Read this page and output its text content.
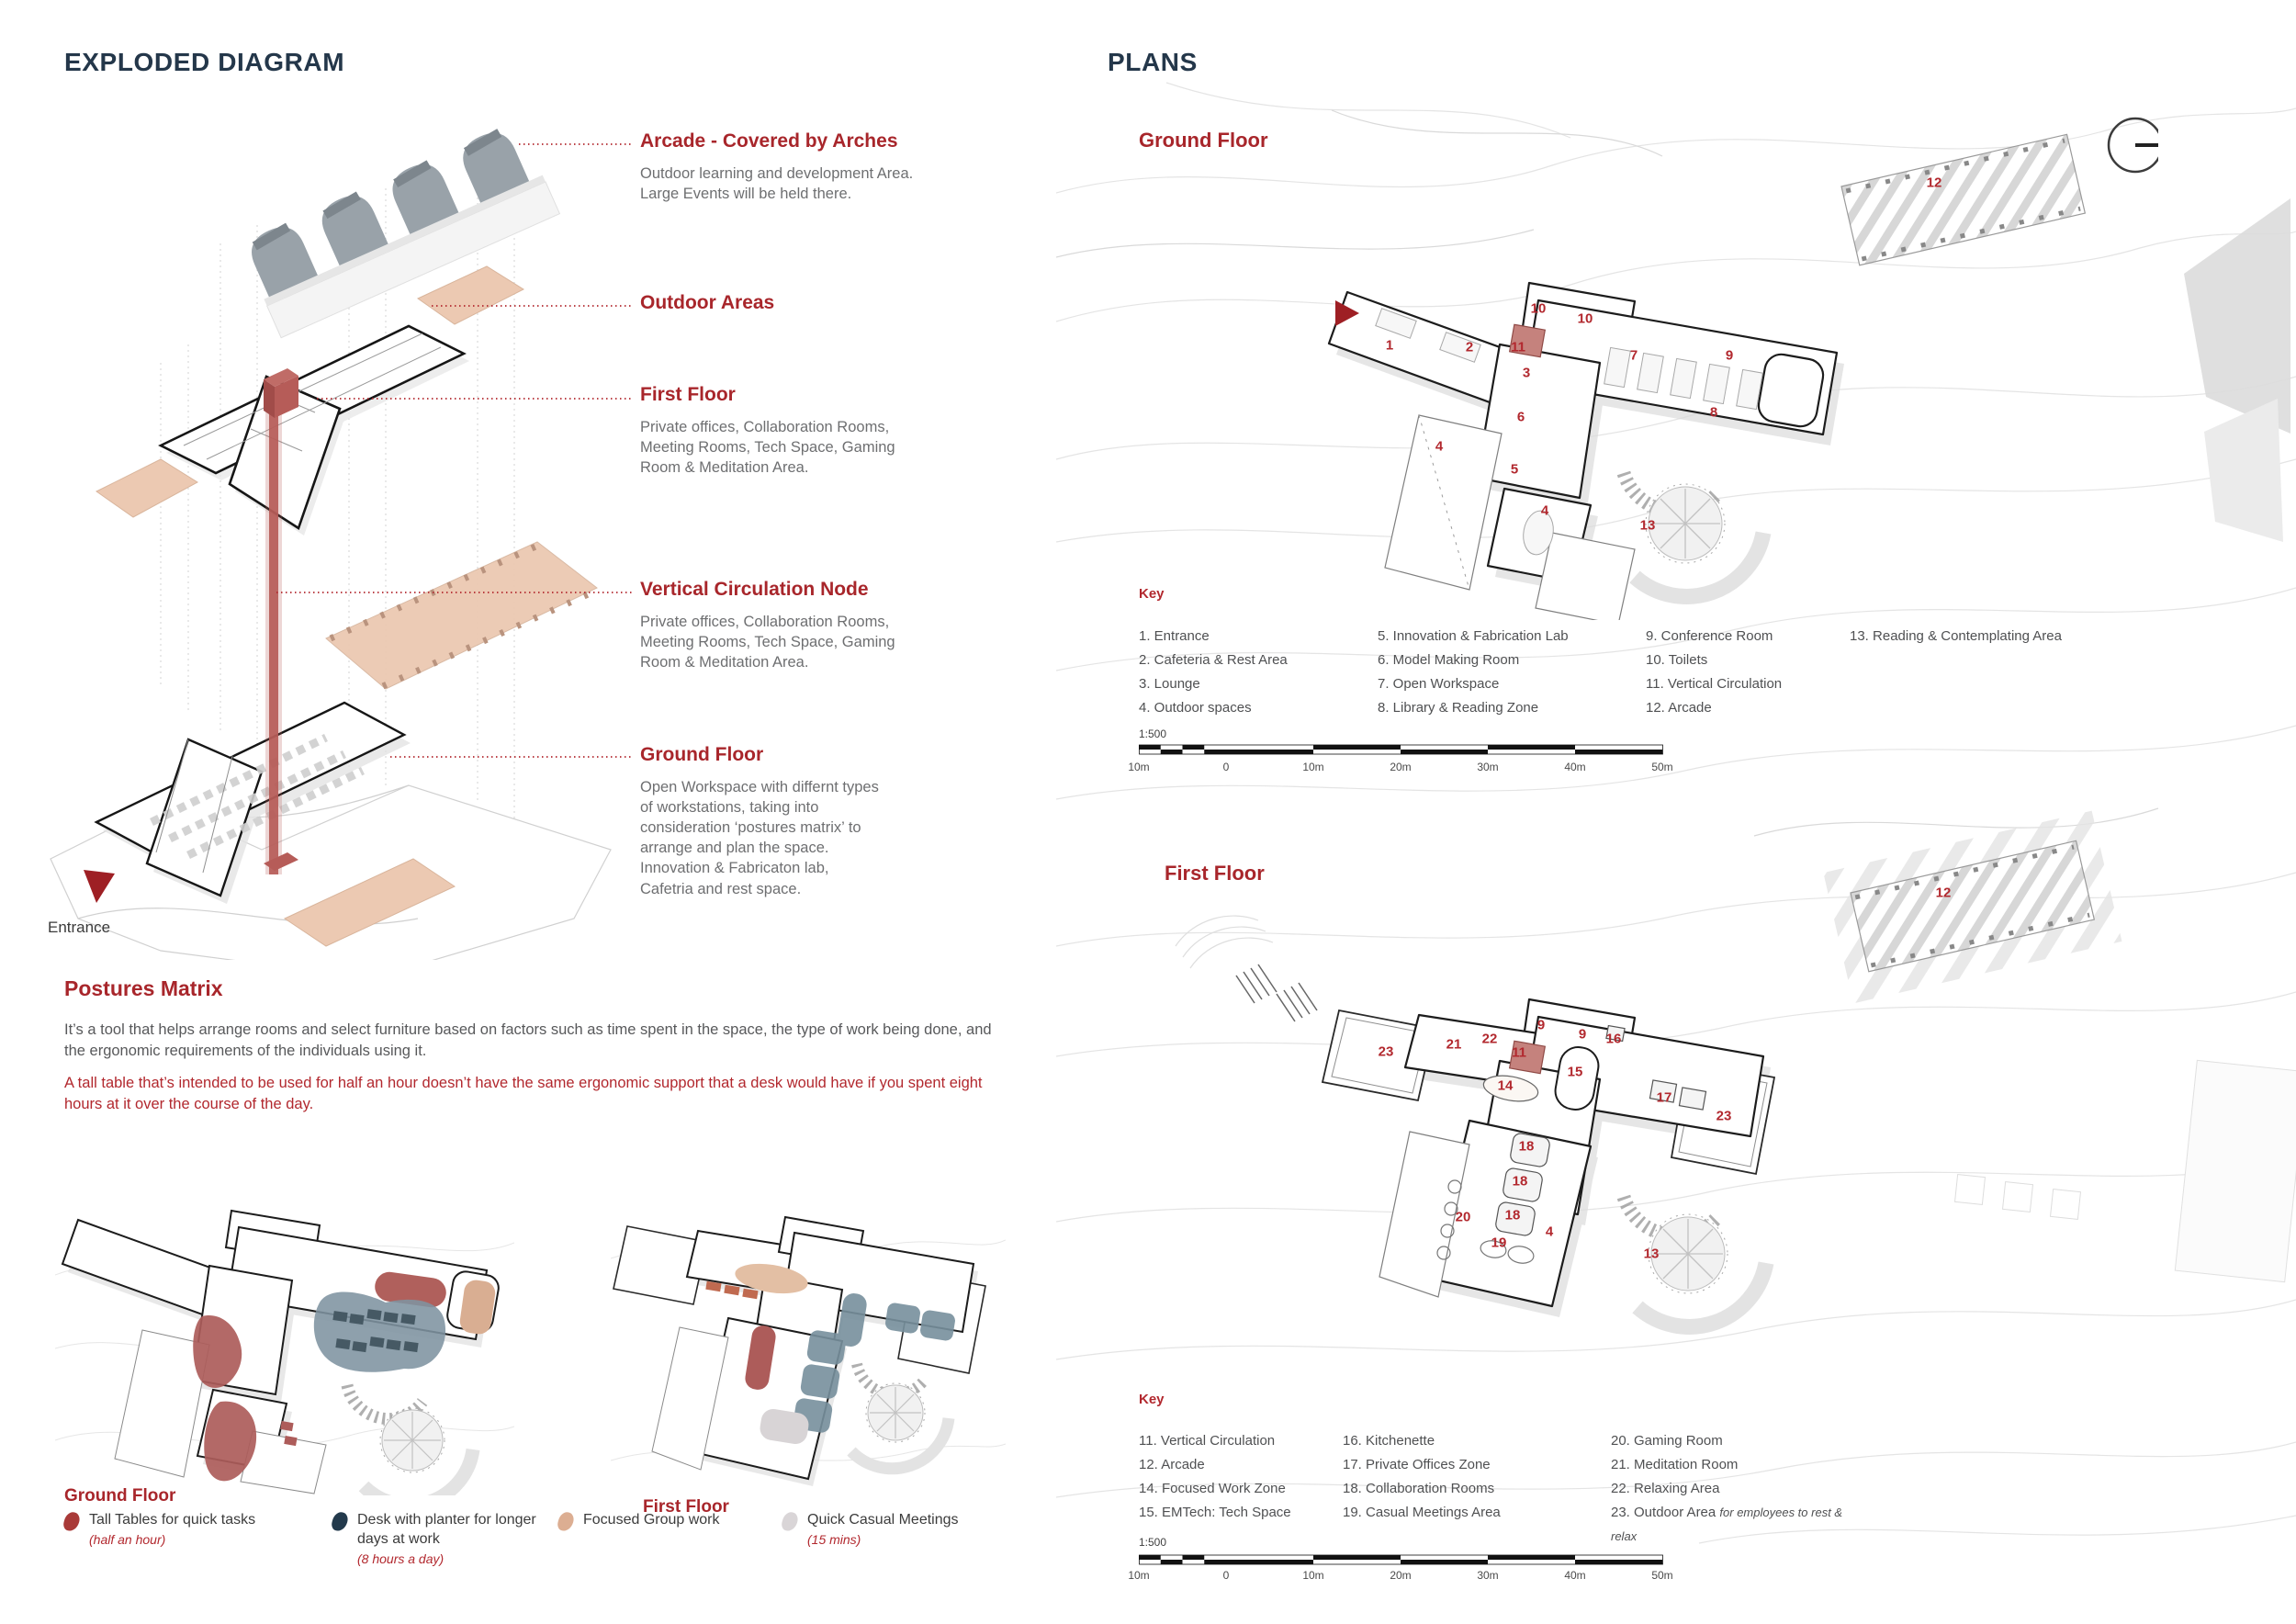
EXPLODED DIAGRAM
Entrance
Arcade - Covered by Arches
Outdoor learning and development Area. Large Events will be held there.
Outdoor Areas
First Floor
Private offices, Collaboration Rooms, Meeting Rooms, Tech Space, Gaming Room & Meditation Area.
Vertical Circulation Node
Private offices, Collaboration Rooms, Meeting Rooms, Tech Space, Gaming Room & Meditation Area.
Ground Floor
Open Workspace with differnt types of workstations, taking into consideration ‘postures matrix’ to arrange and plan the space. Innovation & Fabricaton lab, Cafetria and rest space.
Postures Matrix
It’s a tool that helps arrange rooms and select furniture based on factors such as time spent in the space, the type of work being done, and the ergonomic requirements of the individuals using it.
A tall table that’s intended to be used for half an hour doesn’t have the same ergonomic support that a desk would have if you spent eight hours at it over the course of the day.
Ground Floor
First Floor
Tall Tables for quick tasks
(half an hour)
Desk with planter for longer days at work
(8 hours a day)
Focused Group work	Quick Casual Meetings
(15 mins)
PLANS
Ground Floor
1	2	11
10
10
7	9
3
6
4
5
8
4
13
12
Key
1. Entrance
2. Cafeteria & Rest Area
3. Lounge
4. Outdoor spaces
5. Innovation & Fabrication Lab
6. Model Making Room
7. Open Workspace
8. Library & Reading Zone
9. Conference Room
10. Toilets
11. Vertical Circulation
12. Arcade
13. Reading & Contemplating Area
1:500
10m	0	10m	20m	30m	40m	50m
First Floor
23	21 22
11
9
9 16
14
15
17
23
18
18
18
20
19
4
13
12
Key
11. Vertical Circulation
12. Arcade
14. Focused Work Zone
15. EMTech: Tech Space
16. Kitchenette
17. Private Offices Zone
18. Collaboration Rooms
19. Casual Meetings Area
20. Gaming Room
21. Meditation Room
22. Relaxing Area
23. Outdoor Area for employees to rest & relax
1:500
10m	0	10m	20m	30m	40m	50m
